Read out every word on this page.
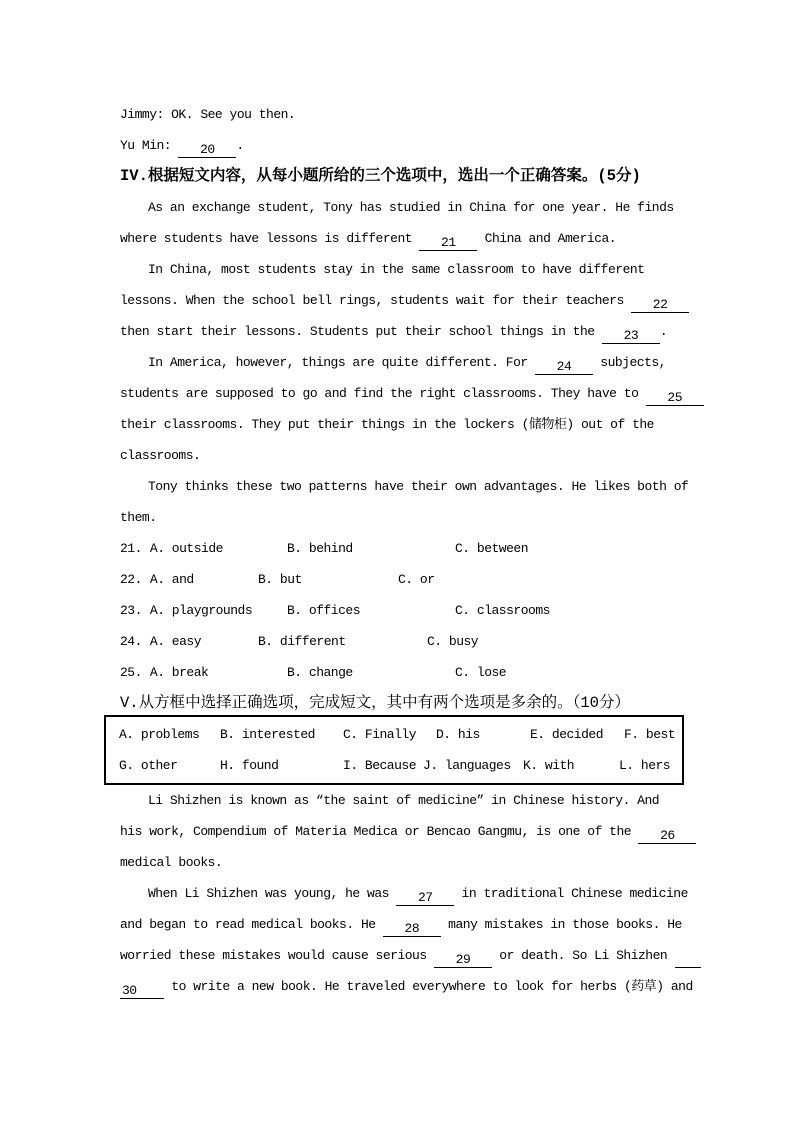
Jimmy: OK. See you then.
Yu Min: 20 .
IV.根据短文内容，从每小题所给的三个选项中，选出一个正确答案。(5分)
As an exchange student, Tony has studied in China for one year. He finds
where students have lessons is different 21 China and America.
In China, most students stay in the same classroom to have different
lessons. When the school bell rings, students wait for their teachers 22
then start their lessons. Students put their school things in the 23 .
In America, however, things are quite different. For 24 subjects,
students are supposed to go and find the right classrooms. They have to 25
their classrooms. They put their things in the lockers (储物柜) out of the
classrooms.
Tony thinks these two patterns have their own advantages. He likes both of
them.
21. A. outside	B. behind	C. between
22. A. and	B. but	C. or
23. A. playgrounds	B. offices	C. classrooms
24. A. easy	B. different	C. busy
25. A. break	B. change	C. lose
V.从方框中选择正确选项，完成短文，其中有两个选项是多余的。（10分）
A. problems B. interested C. Finally D. his	E. decided F. best
G. other	H. found	I. Because J. languages K. with	L. hers
Li Shizhen is known as “the saint of medicine” in Chinese history. And
his work, Compendium of Materia Medica or Bencao Gangmu, is one of the 26
medical books.
When Li Shizhen was young, he was 27 in traditional Chinese medicine
and began to read medical books. He 28 many mistakes in those books. He
worried these mistakes would cause serious 29 or death. So Li Shizhen
30 to write a new book. He traveled everywhere to look for herbs (药草) and
